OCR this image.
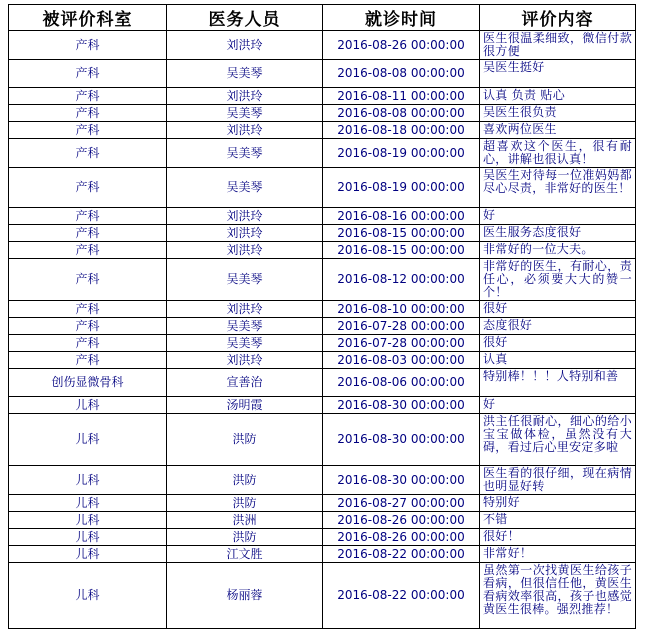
被评价科室	医务人员	就诊时间	评价内容
产科	刘洪玲	2016-08-26 00:00:00	医生很温柔细致，微信付款很方便
产科	吴美琴	2016-08-08 00:00:00	吴医生挺好
产科	刘洪玲	2016-08-11 00:00:00	认真 负责 贴心
产科	吴美琴	2016-08-08 00:00:00	吴医生很负责
产科	刘洪玲	2016-08-18 00:00:00	喜欢两位医生
产科	吴美琴	2016-08-19 00:00:00	超喜欢这个医生，很有耐心，讲解也很认真！
产科	吴美琴	2016-08-19 00:00:00	吴医生对待每一位准妈妈都尽心尽责，非常好的医生！
产科	刘洪玲	2016-08-16 00:00:00	好
产科	刘洪玲	2016-08-15 00:00:00	医生服务态度很好
产科	刘洪玲	2016-08-15 00:00:00	非常好的一位大夫。
产科	吴美琴	2016-08-12 00:00:00	非常好的医生，有耐心，责任心，必须要大大的赞一个！
产科	刘洪玲	2016-08-10 00:00:00	很好
产科	吴美琴	2016-07-28 00:00:00	态度很好
产科	吴美琴	2016-07-28 00:00:00	很好
产科	刘洪玲	2016-08-03 00:00:00	认真
创伤显微骨科	宣善治	2016-08-06 00:00:00	特别棒！！！人特别和善
儿科	汤明霞	2016-08-30 00:00:00	好
儿科	洪防	2016-08-30 00:00:00	洪主任很耐心，细心的给小宝宝做体检，虽然没有大碍，看过后心里安定多啦
儿科	洪防	2016-08-30 00:00:00	医生看的很仔细，现在病情也明显好转
儿科	洪防	2016-08-27 00:00:00	特别好
儿科	洪洲	2016-08-26 00:00:00	不错
儿科	洪防	2016-08-26 00:00:00	很好！
儿科	江文胜	2016-08-22 00:00:00	非常好！
儿科	杨丽蓉	2016-08-22 00:00:00	虽然第一次找黄医生给孩子看病，但很信任他，黄医生看病效率很高，孩子也感觉黄医生很棒。强烈推荐！
